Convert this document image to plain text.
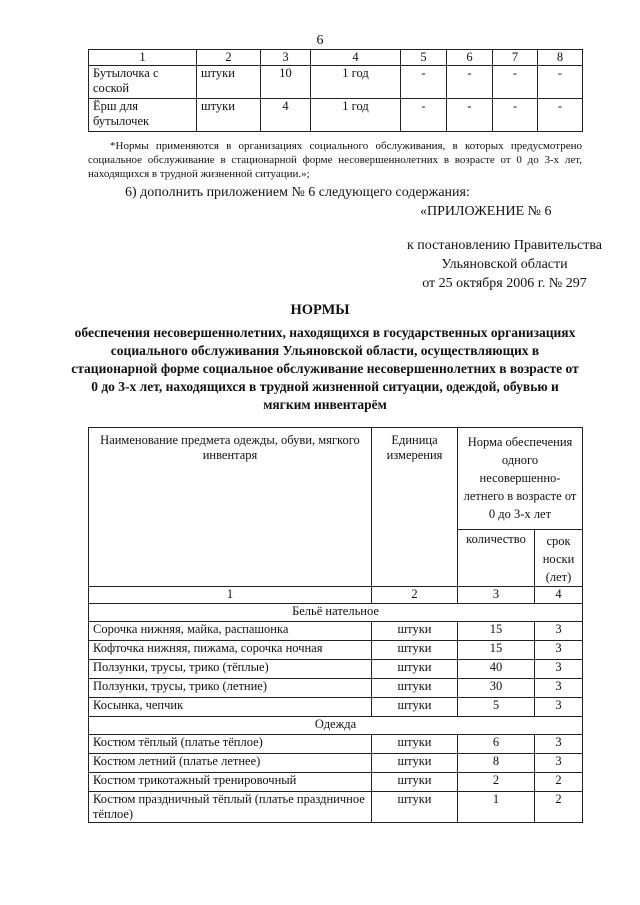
6
1	2	3	4	5	6	7	8
Бутылочка с соской	штуки	10	1 год	-	-	-	-
Ёрш для бутылочек	штуки	4	1 год	-	-	-	-
*Нормы применяются в организациях социального обслуживания, в которых предусмотрено социальное обслуживание в стационарной форме несовершеннолетних в возрасте от 0 до 3-х лет, находящихся в трудной жизненной ситуации.»;
6) дополнить приложением № 6 следующего содержания:
«ПРИЛОЖЕНИЕ № 6
к постановлению Правительства
Ульяновской области
от 25 октября 2006 г. № 297
НОРМЫ
обеспечения несовершеннолетних, находящихся в государственных организациях социального обслуживания Ульяновской области, осуществляющих в стационарной форме социальное обслуживание несовершеннолетних в возрасте от 0 до 3-х лет, находящихся в трудной жизненной ситуации, одеждой, обувью и мягким инвентарём
Наименование предмета одежды, обуви, мягкого инвентаря	Единица измерения	Норма обеспечения одного несовершенно-летнего в возрасте от 0 до 3-х лет	
		количество	срок носки (лет)
1	2	3	4
Бельё нательное			
Сорочка нижняя, майка, распашонка	штуки	15	3
Кофточка нижняя, пижама, сорочка ночная	штуки	15	3
Ползунки, трусы, трико (тёплые)	штуки	40	3
Ползунки, трусы, трико (летние)	штуки	30	3
Косынка, чепчик	штуки	5	3
Одежда			
Костюм тёплый (платье тёплое)	штуки	6	3
Костюм летний (платье летнее)	штуки	8	3
Костюм трикотажный тренировочный	штуки	2	2
Костюм праздничный тёплый (платье праздничное тёплое)	штуки	1	2
